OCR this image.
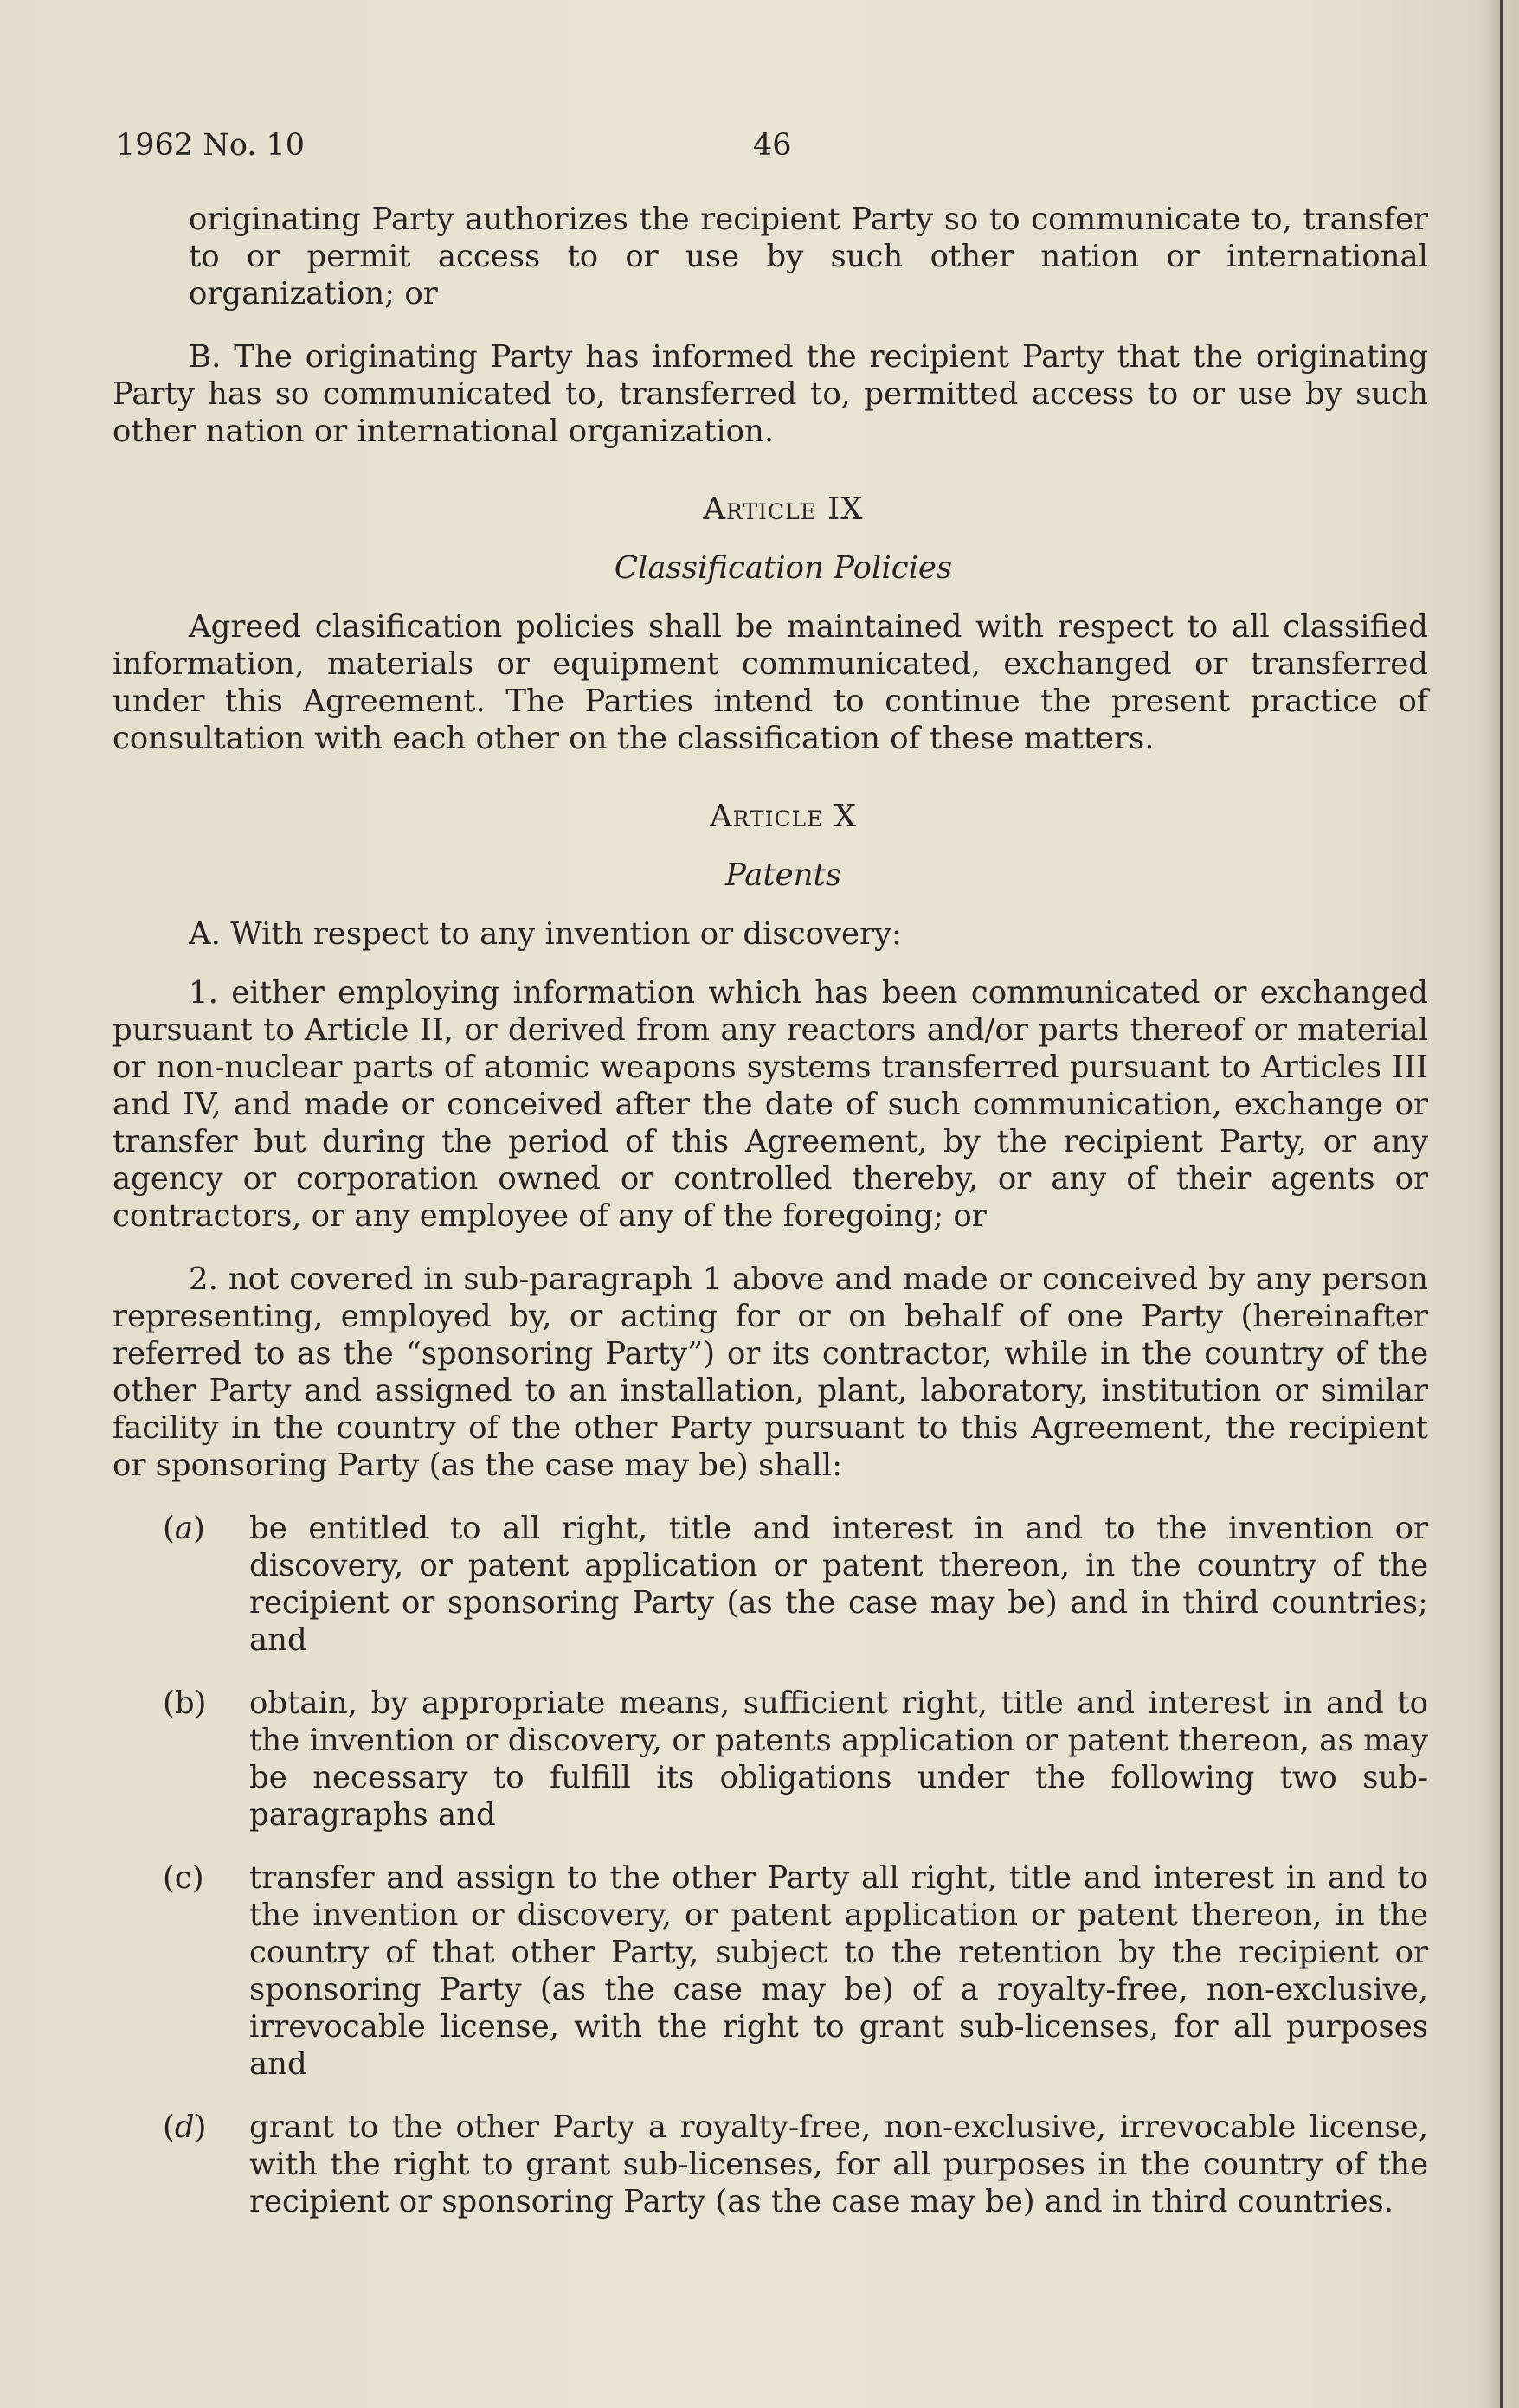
1962 No. 10	46

originating Party authorizes the recipient Party so to communicate to, transfer to or permit access to or use by such other nation or international organization; or

B. The originating Party has informed the recipient Party that the originating Party has so communicated to, transferred to, permitted access to or use by such other nation or international organization.

Article IX
Classification Policies

Agreed clasification policies shall be maintained with respect to all classified information, materials or equipment communicated, exchanged or transferred under this Agreement. The Parties intend to continue the present practice of consultation with each other on the classification of these matters.

Article X
Patents

A. With respect to any invention or discovery:

1. either employing information which has been communicated or exchanged pursuant to Article II, or derived from any reactors and/or parts thereof or material or non-nuclear parts of atomic weapons systems transferred pursuant to Articles III and IV, and made or conceived after the date of such communication, exchange or transfer but during the period of this Agreement, by the recipient Party, or any agency or corporation owned or controlled thereby, or any of their agents or contractors, or any employee of any of the foregoing; or

2. not covered in sub-paragraph 1 above and made or conceived by any person representing, employed by, or acting for or on behalf of one Party (hereinafter referred to as the “sponsoring Party”) or its contractor, while in the country of the other Party and assigned to an installation, plant, laboratory, institution or similar facility in the country of the other Party pursuant to this Agreement, the recipient or sponsoring Party (as the case may be) shall:

(a)	be entitled to all right, title and interest in and to the invention or discovery, or patent application or patent thereon, in the country of the recipient or sponsoring Party (as the case may be) and in third countries; and
(b)	obtain, by appropriate means, sufficient right, title and interest in and to the invention or discovery, or patents application or patent thereon, as may be necessary to fulfill its obligations under the following two sub-paragraphs and
(c)	transfer and assign to the other Party all right, title and interest in and to the invention or discovery, or patent application or patent thereon, in the country of that other Party, subject to the retention by the recipient or sponsoring Party (as the case may be) of a royalty-free, non-exclusive, irrevocable license, with the right to grant sub-licenses, for all purposes and
(d)	grant to the other Party a royalty-free, non-exclusive, irrevocable license, with the right to grant sub-licenses, for all purposes in the country of the recipient or sponsoring Party (as the case may be) and in third countries.
